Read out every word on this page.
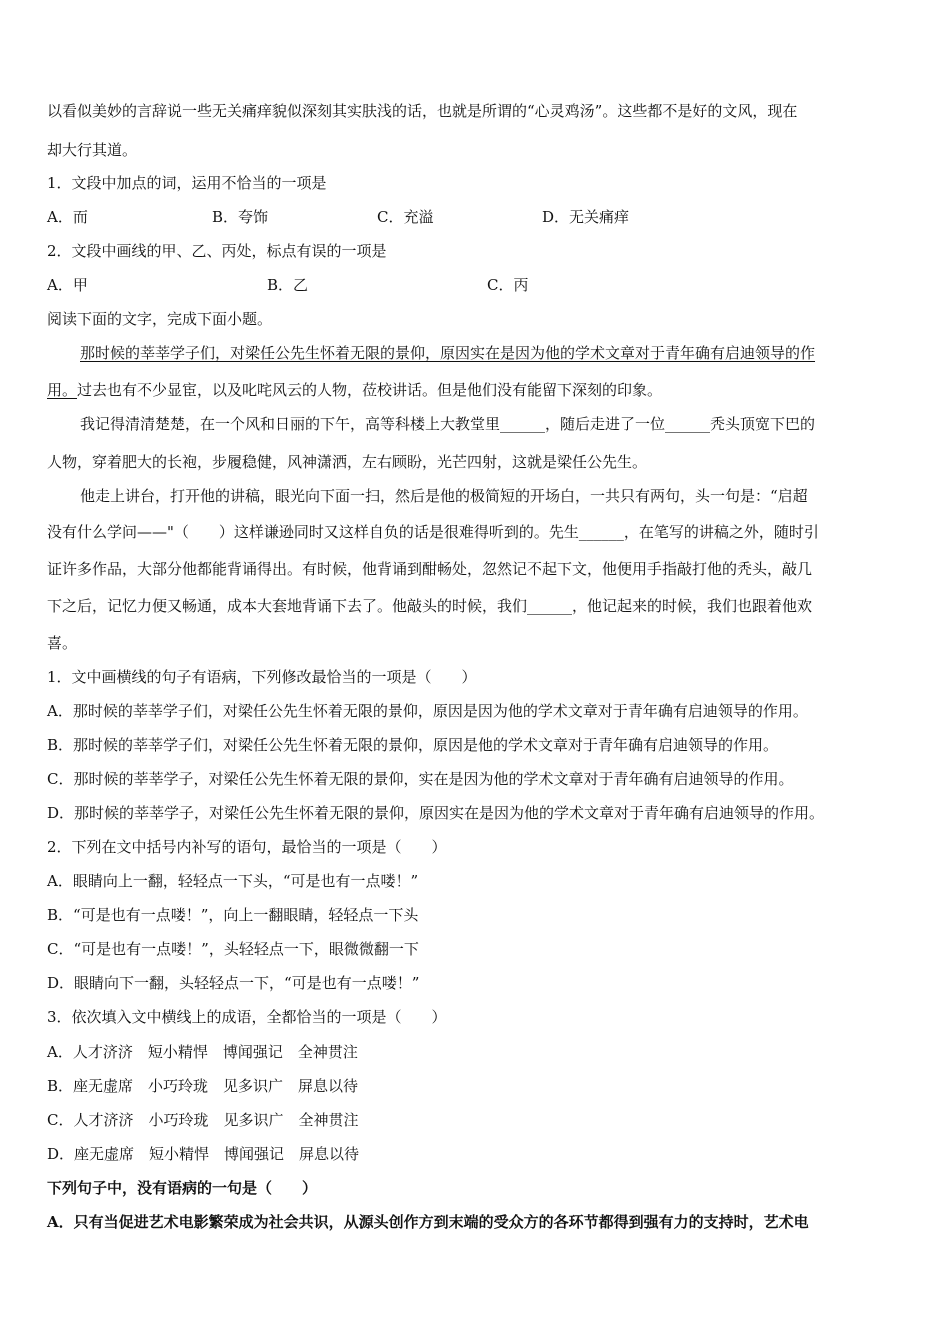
以看似美妙的言辞说一些无关痛痒貌似深刻其实肤浅的话，也就是所谓的“心灵鸡汤”。这些都不是好的文风，现在
却大行其道。
1．文段中加点的词，运用不恰当的一项是
A．而	B．夸饰	C．充溢	D．无关痛痒
2．文段中画线的甲、乙、丙处，标点有误的一项是
A．甲	B．乙	C．丙
阅读下面的文字，完成下面小题。
那时候的莘莘学子们，对梁任公先生怀着无限的景仰，原因实在是因为他的学术文章对于青年确有启迪领导的作
用。过去也有不少显宦，以及叱咤风云的人物，莅校讲话。但是他们没有能留下深刻的印象。
我记得清清楚楚，在一个风和日丽的下午，高等科楼上大教堂里______，随后走进了一位______秃头顶宽下巴的
人物，穿着肥大的长袍，步履稳健，风神潇洒，左右顾盼，光芒四射，这就是梁任公先生。
他走上讲台，打开他的讲稿，眼光向下面一扫，然后是他的极简短的开场白，一共只有两句，头一句是：“启超
没有什么学问——"（　　）这样谦逊同时又这样自负的话是很难得听到的。先生______，在笔写的讲稿之外，随时引
证许多作品，大部分他都能背诵得出。有时候，他背诵到酣畅处，忽然记不起下文，他便用手指敲打他的秃头，敲几
下之后，记忆力便又畅通，成本大套地背诵下去了。他敲头的时候，我们______，他记起来的时候，我们也跟着他欢
喜。
1．文中画横线的句子有语病，下列修改最恰当的一项是（　　）
A．那时候的莘莘学子们，对梁任公先生怀着无限的景仰，原因是因为他的学术文章对于青年确有启迪领导的作用。
B．那时候的莘莘学子们，对梁任公先生怀着无限的景仰，原因是他的学术文章对于青年确有启迪领导的作用。
C．那时候的莘莘学子，对梁任公先生怀着无限的景仰，实在是因为他的学术文章对于青年确有启迪领导的作用。
D．那时候的莘莘学子，对梁任公先生怀着无限的景仰，原因实在是因为他的学术文章对于青年确有启迪领导的作用。
2．下列在文中括号内补写的语句，最恰当的一项是（　　）
A．眼睛向上一翻，轻轻点一下头，“可是也有一点喽！”
B．“可是也有一点喽！”，向上一翻眼睛，轻轻点一下头
C．“可是也有一点喽！”，头轻轻点一下，眼微微翻一下
D．眼睛向下一翻，头轻轻点一下，“可是也有一点喽！”
3．依次填入文中横线上的成语，全都恰当的一项是（　　）
A．人才济济　短小精悍　博闻强记　全神贯注
B．座无虚席　小巧玲珑　见多识广　屏息以待
C．人才济济　小巧玲珑　见多识广　全神贯注
D．座无虚席　短小精悍　博闻强记　屏息以待
下列句子中，没有语病的一句是（　　）
A．只有当促进艺术电影繁荣成为社会共识，从源头创作方到末端的受众方的各环节都得到强有力的支持时，艺术电
